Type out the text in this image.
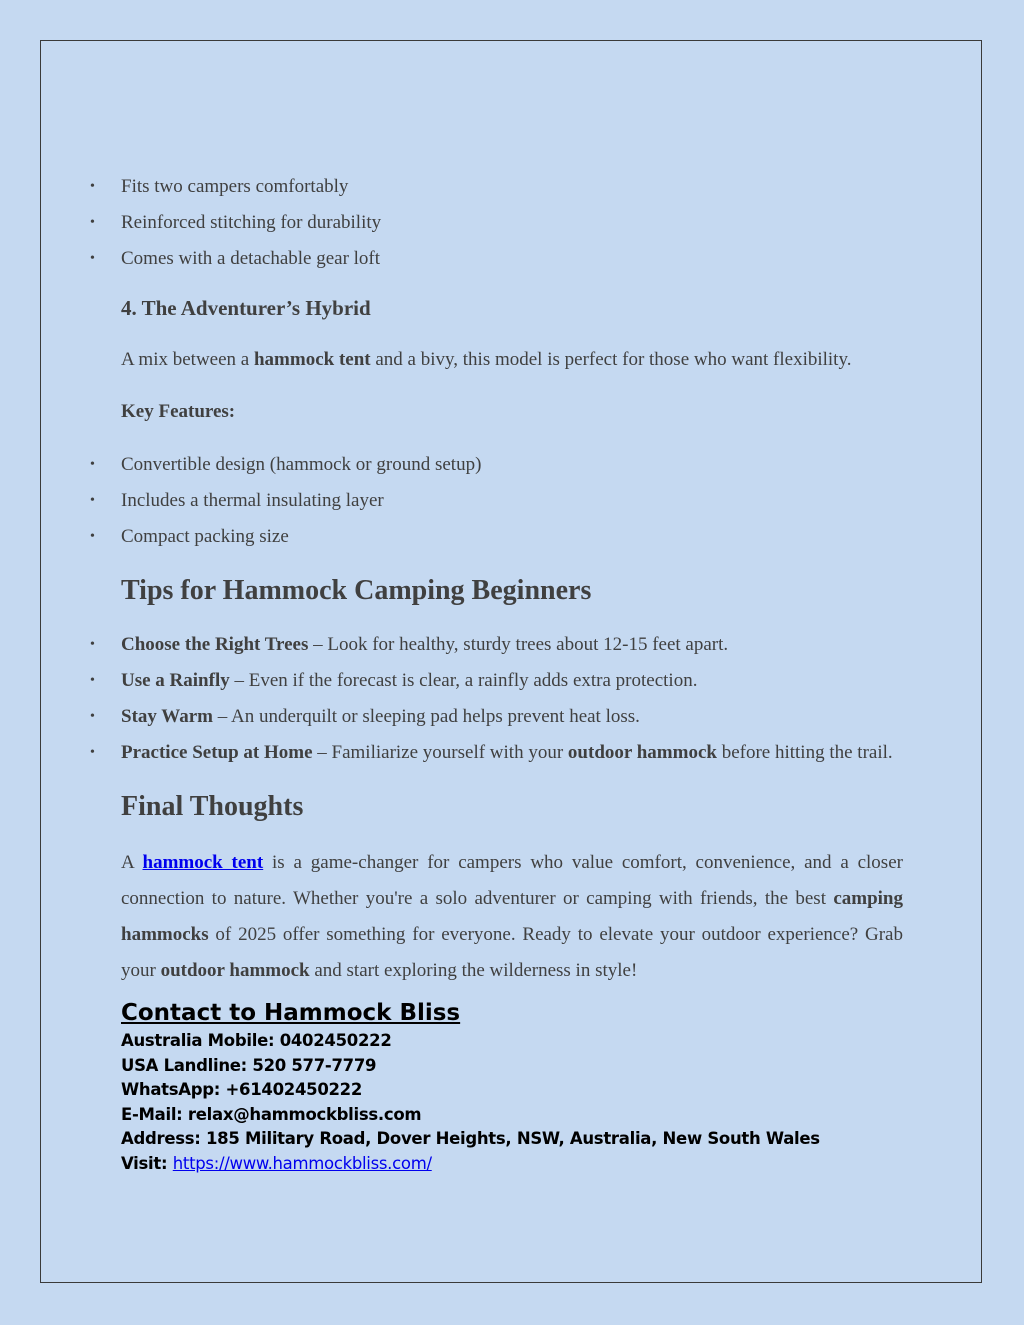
• Fits two campers comfortably
• Reinforced stitching for durability
• Comes with a detachable gear loft
4. The Adventurer’s Hybrid

A mix between a hammock tent and a bivy, this model is perfect for those who want flexibility.

Key Features:

• Convertible design (hammock or ground setup)
• Includes a thermal insulating layer
• Compact packing size
Tips for Hammock Camping Beginners
• Choose the Right Trees – Look for healthy, sturdy trees about 12-15 feet apart.
• Use a Rainfly – Even if the forecast is clear, a rainfly adds extra protection.
• Stay Warm – An underquilt or sleeping pad helps prevent heat loss.
• Practice Setup at Home – Familiarize yourself with your outdoor hammock before hitting the trail.
Final Thoughts

A hammock tent is a game-changer for campers who value comfort, convenience, and a closer connection to nature. Whether you're a solo adventurer or camping with friends, the best camping hammocks of 2025 offer something for everyone. Ready to elevate your outdoor experience? Grab your outdoor hammock and start exploring the wilderness in style!

Contact to Hammock Bliss
Australia Mobile: 0402450222
USA Landline: 520 577-7779
WhatsApp: +61402450222
E-Mail: relax@hammockbliss.com
Address: 185 Military Road, Dover Heights, NSW, Australia, New South Wales
Visit: https://www.hammockbliss.com/
